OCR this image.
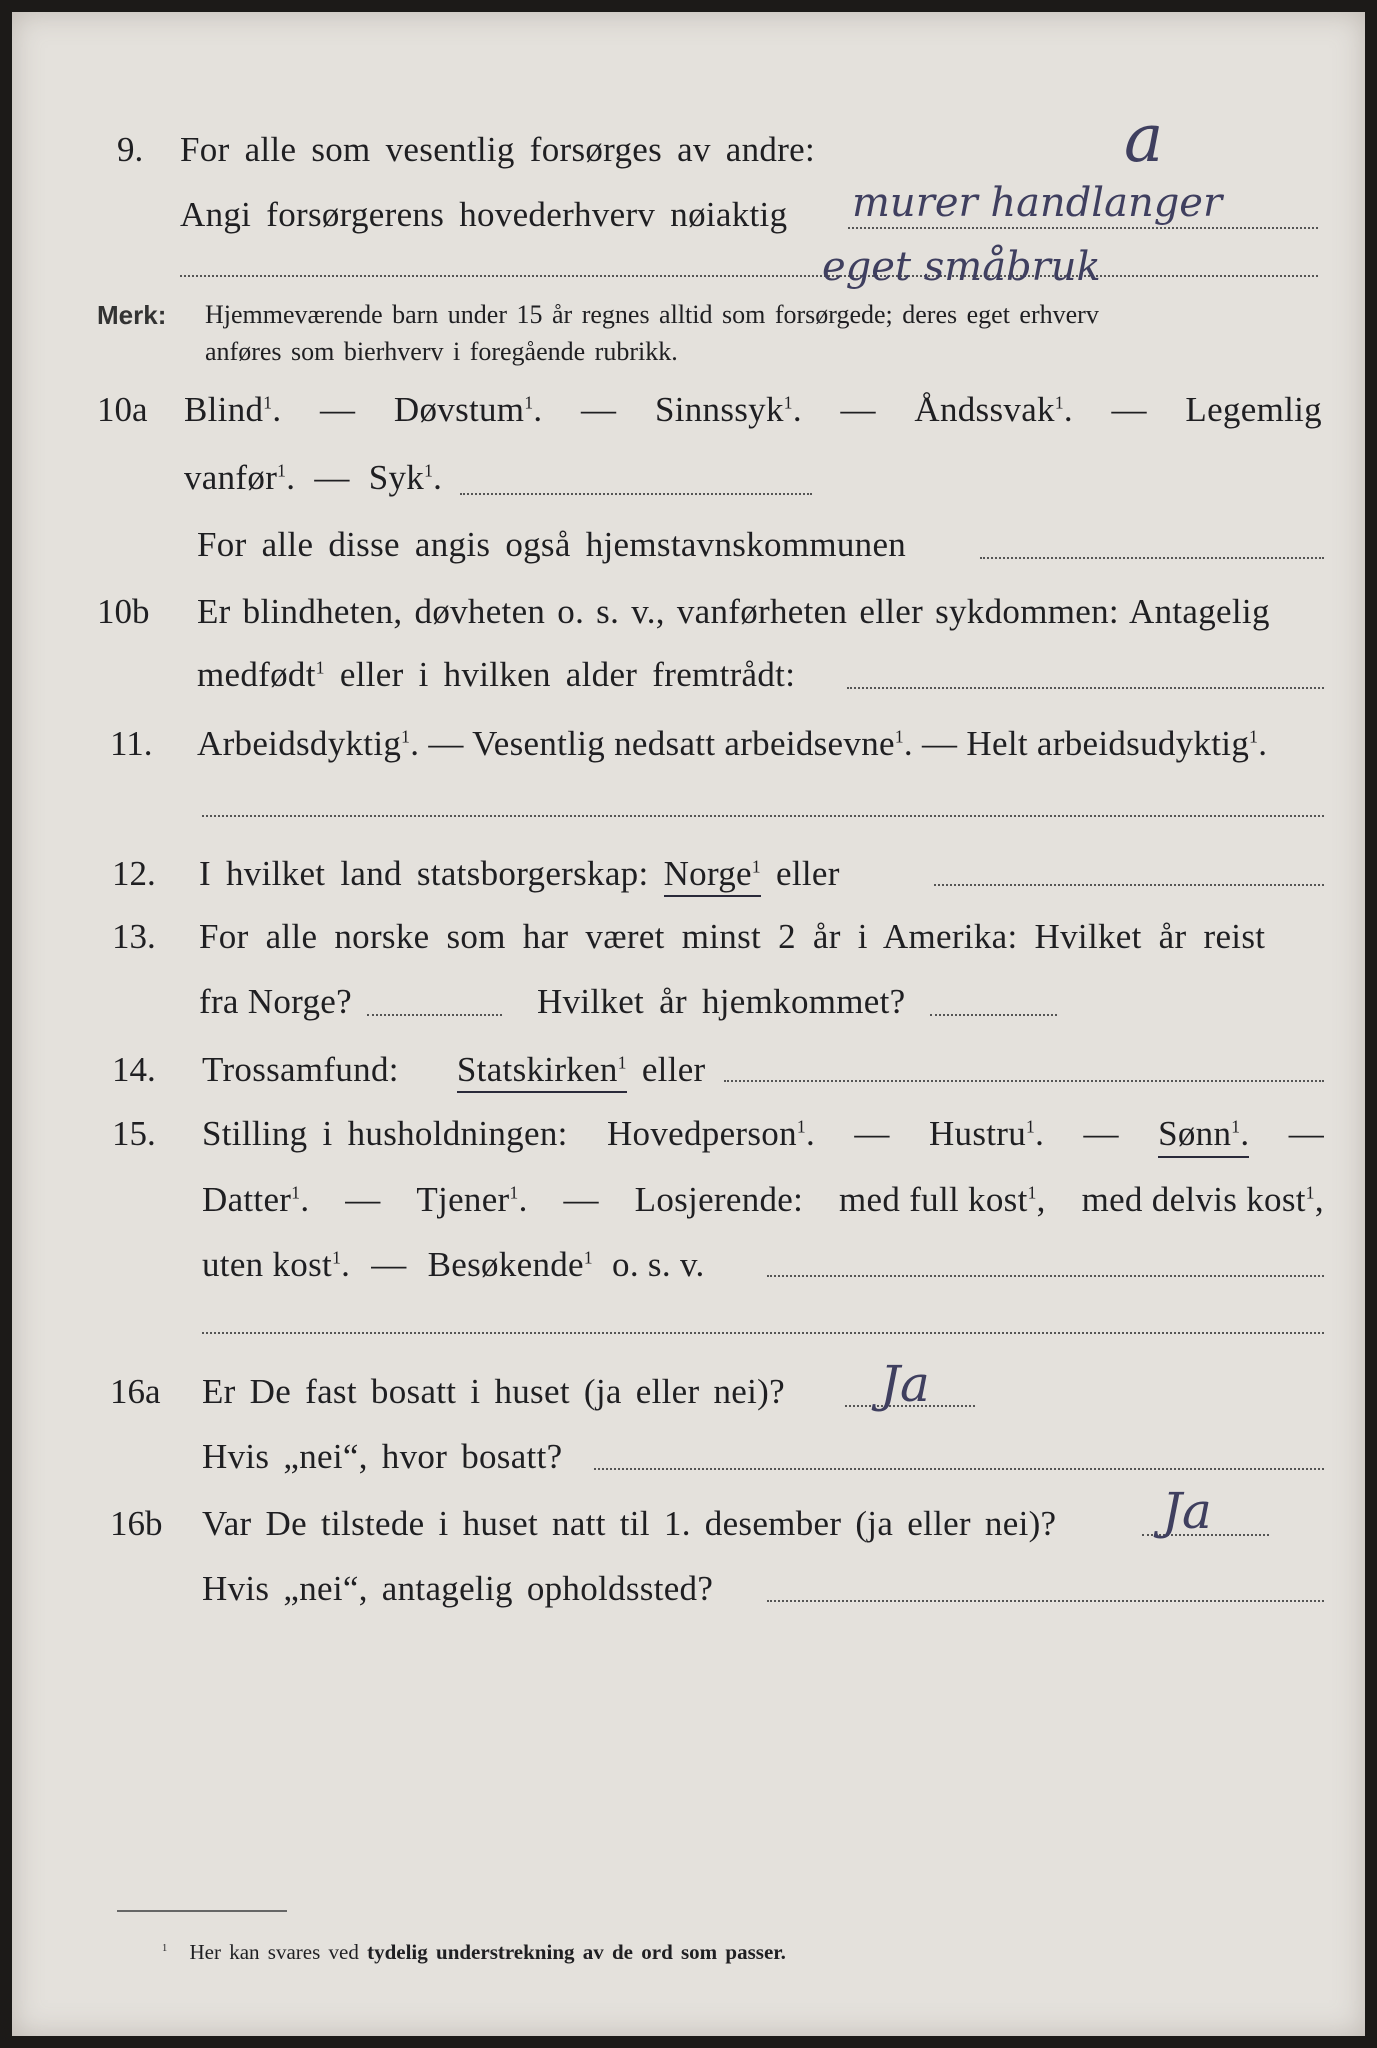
9. For alle som vesentlig forsørges av andre:	a
Angi forsørgerens hovederhverv nøiaktig murer handlanger
eget småbruk
Merk: Hjemmeværende barn under 15 år regnes alltid som forsørgede; deres eget erhverv
anføres som bierhverv i foregående rubrikk.
10a Blind$^1$. — Døvstum$^1$. — Sinnssyk$^1$. — Åndssvak$^1$. — Legemlig
vanfør$^1$. — Syk$^1$.
For alle disse angis også hjemstavnskommunen
10b Er blindheten, døvheten o. s. v., vanførheten eller sykdommen: Antagelig
medfødt$^1$ eller i hvilken alder fremtrådt:
11. Arbeidsdyktig$^1$. — Vesentlig nedsatt arbeidsevne$^1$. — Helt arbeidsudyktig$^1$.
12. I hvilket land statsborgerskap: Norge$^1$ eller
13. For alle norske som har været minst 2 år i Amerika: Hvilket år reist
fra Norge?	Hvilket år hjemkommet?
14. Trossamfund: Statskirken$^1$ eller
15. Stilling i husholdningen: Hovedperson$^1$. — Hustru$^1$. — Sønn$^1$. —
Datter$^1$. — Tjener$^1$. — Losjerende: med full kost$^1$, med delvis kost$^1$,
uten kost$^1$. — Besøkende$^1$ o. s. v.
16a Er De fast bosatt i huset (ja eller nei)? Ja
Hvis „nei“, hvor bosatt?
16b Var De tilstede i huset natt til 1. desember (ja eller nei)? Ja
Hvis „nei“, antagelig opholdssted?
$^1$ Her kan svares ved tydelig understrekning av de ord som passer.
